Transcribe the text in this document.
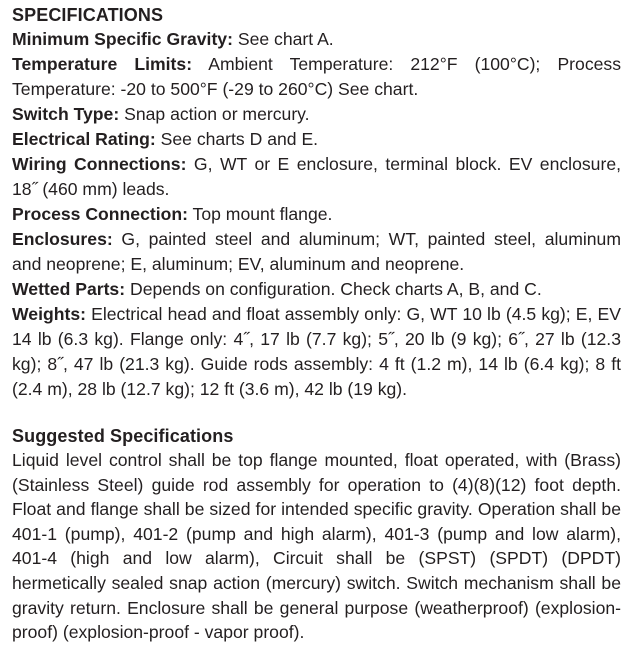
SPECIFICATIONS

Minimum Specific Gravity: See chart A.

Temperature Limits: Ambient Temperature: 212°F (100°C); Process Temperature: -20 to 500°F (-29 to 260°C) See chart.

Switch Type: Snap action or mercury.

Electrical Rating: See charts D and E.

Wiring Connections: G, WT or E enclosure, terminal block. EV enclosure, 18˝ (460 mm) leads.

Process Connection: Top mount flange.

Enclosures: G, painted steel and aluminum; WT, painted steel, aluminum and neoprene; E, aluminum; EV, aluminum and neoprene.

Wetted Parts: Depends on configuration. Check charts A, B, and C.

Weights: Electrical head and float assembly only: G, WT 10 lb (4.5 kg); E, EV 14 lb (6.3 kg). Flange only: 4˝, 17 lb (7.7 kg); 5˝, 20 lb (9 kg); 6˝, 27 lb (12.3 kg); 8˝, 47 lb (21.3 kg). Guide rods assembly: 4 ft (1.2 m), 14 lb (6.4 kg); 8 ft (2.4 m), 28 lb (12.7 kg); 12 ft (3.6 m), 42 lb (19 kg).

Suggested Specifications

Liquid level control shall be top flange mounted, float operated, with (Brass)(Stainless Steel) guide rod assembly for operation to (4)(8)(12) foot depth. Float and flange shall be sized for intended specific gravity. Operation shall be 401-1 (pump), 401-2 (pump and high alarm), 401-3 (pump and low alarm), 401-4 (high and low alarm), Circuit shall be (SPST) (SPDT) (DPDT) hermetically sealed snap action (mercury) switch. Switch mechanism shall be gravity return. Enclosure shall be general purpose (weatherproof) (explosion-proof) (explosion-proof - vapor proof).
